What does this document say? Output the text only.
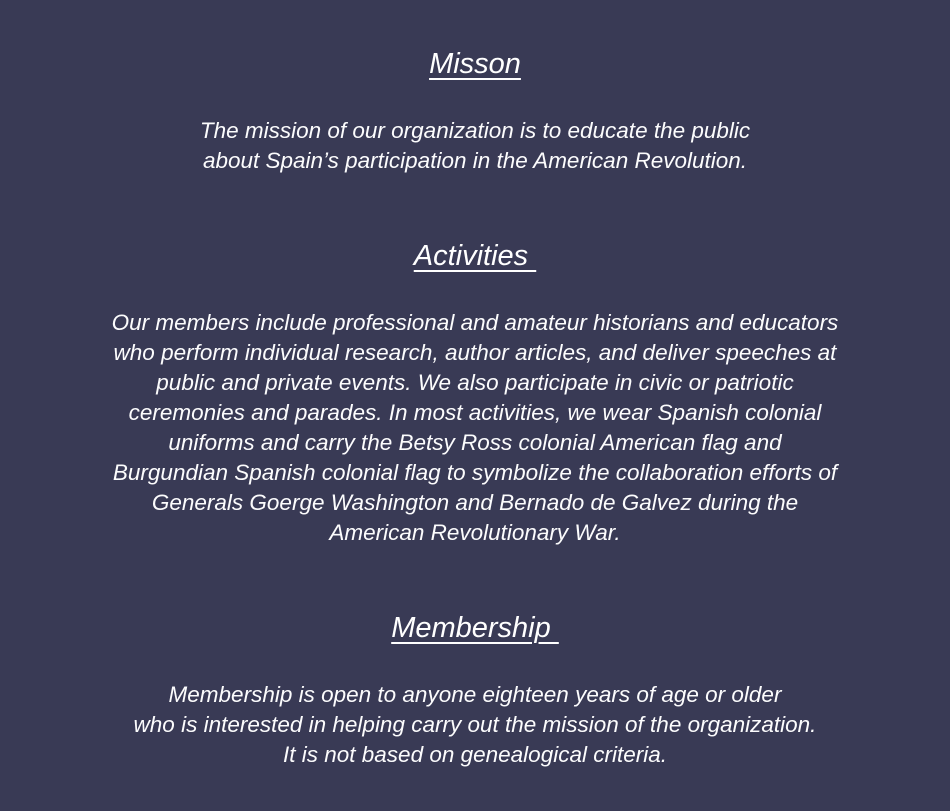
Misson
The mission of our organization is to educate the public
about Spain’s participation in the American Revolution.
Activities
Our members include professional and amateur historians and educators
who perform individual research, author articles, and deliver speeches at
public and private events. We also participate in civic or patriotic
ceremonies and parades. In most activities, we wear Spanish colonial
uniforms and carry the Betsy Ross colonial American flag and
Burgundian Spanish colonial flag to symbolize the collaboration efforts of
Generals Goerge Washington and Bernado de Galvez during the
American Revolutionary War.
Membership
Membership is open to anyone eighteen years of age or older
who is interested in helping carry out the mission of the organization.
It is not based on genealogical criteria.
